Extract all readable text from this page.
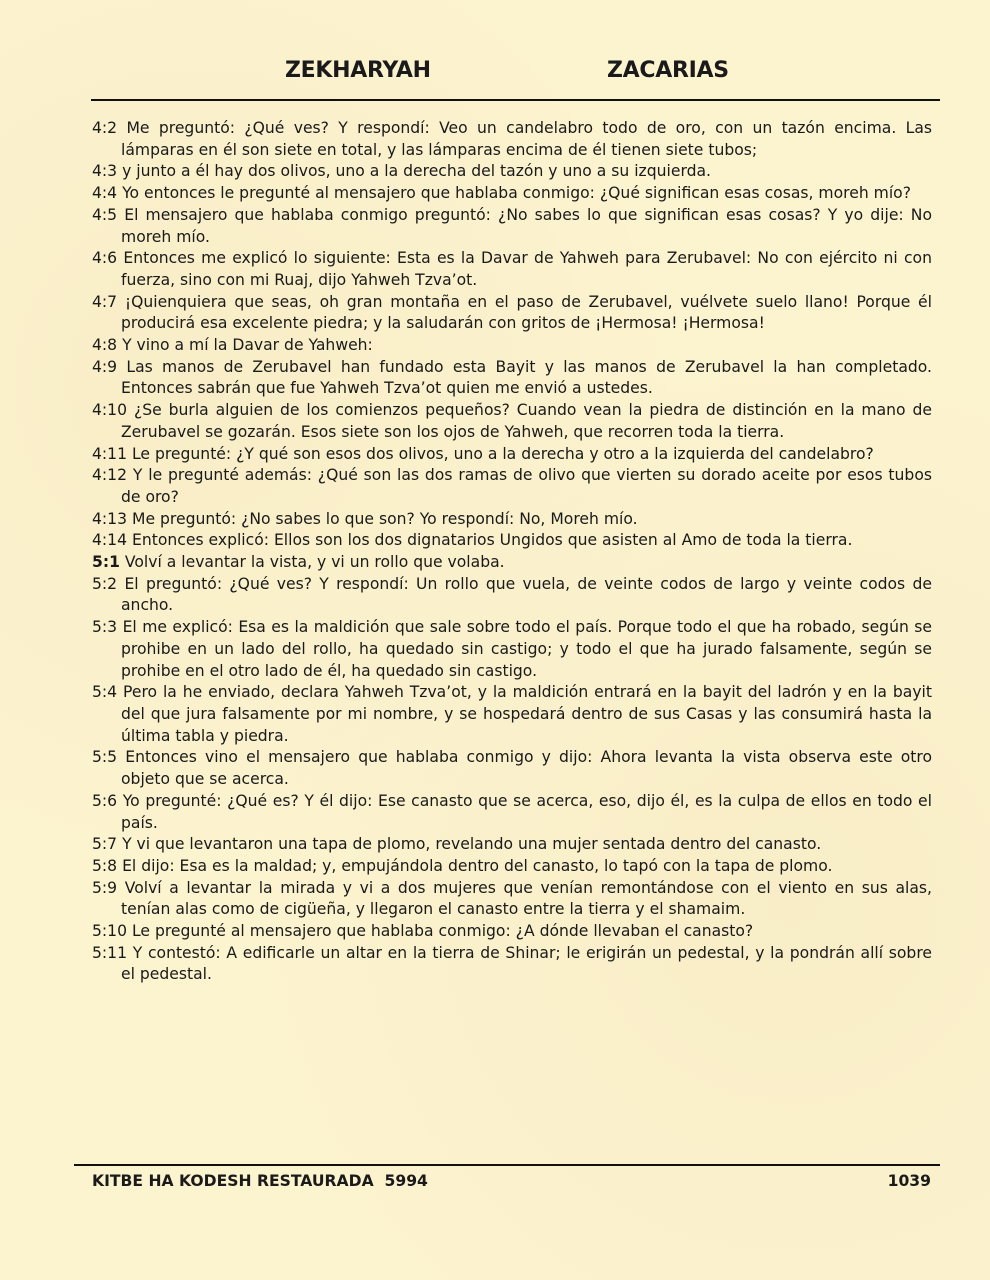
ZEKHARYAH	ZACARIAS

4:2 Me preguntó: ¿Qué ves? Y respondí: Veo un candelabro todo de oro, con un tazón encima. Las lámparas en él son siete en total, y las lámparas encima de él tienen siete tubos;

4:3 y junto a él hay dos olivos, uno a la derecha del tazón y uno a su izquierda.

4:4 Yo entonces le pregunté al mensajero que hablaba conmigo: ¿Qué significan esas cosas, moreh mío?

4:5 El mensajero que hablaba conmigo preguntó: ¿No sabes lo que significan esas cosas? Y yo dije: No moreh mío.

4:6 Entonces me explicó lo siguiente: Esta es la Davar de Yahweh para Zerubavel: No con ejército ni con fuerza, sino con mi Ruaj, dijo Yahweh Tzva’ot.

4:7 ¡Quienquiera que seas, oh gran montaña en el paso de Zerubavel, vuélvete suelo llano! Porque él producirá esa excelente piedra; y la saludarán con gritos de ¡Hermosa! ¡Hermosa!

4:8 Y vino a mí la Davar de Yahweh:

4:9 Las manos de Zerubavel han fundado esta Bayit y las manos de Zerubavel la han completado. Entonces sabrán que fue Yahweh Tzva’ot quien me envió a ustedes.

4:10 ¿Se burla alguien de los comienzos pequeños? Cuando vean la piedra de distinción en la mano de Zerubavel se gozarán. Esos siete son los ojos de Yahweh, que recorren toda la tierra.

4:11 Le pregunté: ¿Y qué son esos dos olivos, uno a la derecha y otro a la izquierda del candelabro?

4:12 Y le pregunté además: ¿Qué son las dos ramas de olivo que vierten su dorado aceite por esos tubos de oro?

4:13 Me preguntó: ¿No sabes lo que son? Yo respondí: No, Moreh mío.

4:14 Entonces explicó: Ellos son los dos dignatarios Ungidos que asisten al Amo de toda la tierra.

5:1 Volví a levantar la vista, y vi un rollo que volaba.

5:2 El preguntó: ¿Qué ves? Y respondí: Un rollo que vuela, de veinte codos de largo y veinte codos de ancho.

5:3 El me explicó: Esa es la maldición que sale sobre todo el país. Porque todo el que ha robado, según se prohibe en un lado del rollo, ha quedado sin castigo; y todo el que ha jurado falsamente, según se prohibe en el otro lado de él, ha quedado sin castigo.

5:4 Pero la he enviado, declara Yahweh Tzva’ot, y la maldición entrará en la bayit del ladrón y en la bayit del que jura falsamente por mi nombre, y se hospedará dentro de sus Casas y las consumirá hasta la última tabla y piedra.

5:5 Entonces vino el mensajero que hablaba conmigo y dijo: Ahora levanta la vista observa este otro objeto que se acerca.

5:6 Yo pregunté: ¿Qué es? Y él dijo: Ese canasto que se acerca, eso, dijo él, es la culpa de ellos en todo el país.

5:7 Y vi que levantaron una tapa de plomo, revelando una mujer sentada dentro del canasto.

5:8 El dijo: Esa es la maldad; y, empujándola dentro del canasto, lo tapó con la tapa de plomo.

5:9 Volví a levantar la mirada y vi a dos mujeres que venían remontándose con el viento en sus alas, tenían alas como de cigüeña, y llegaron el canasto entre la tierra y el shamaim.

5:10 Le pregunté al mensajero que hablaba conmigo: ¿A dónde llevaban el canasto?

5:11 Y contestó: A edificarle un altar en la tierra de Shinar; le erigirán un pedestal, y la pondrán allí sobre el pedestal.

KITBE HA KODESH RESTAURADA  5994	1039
